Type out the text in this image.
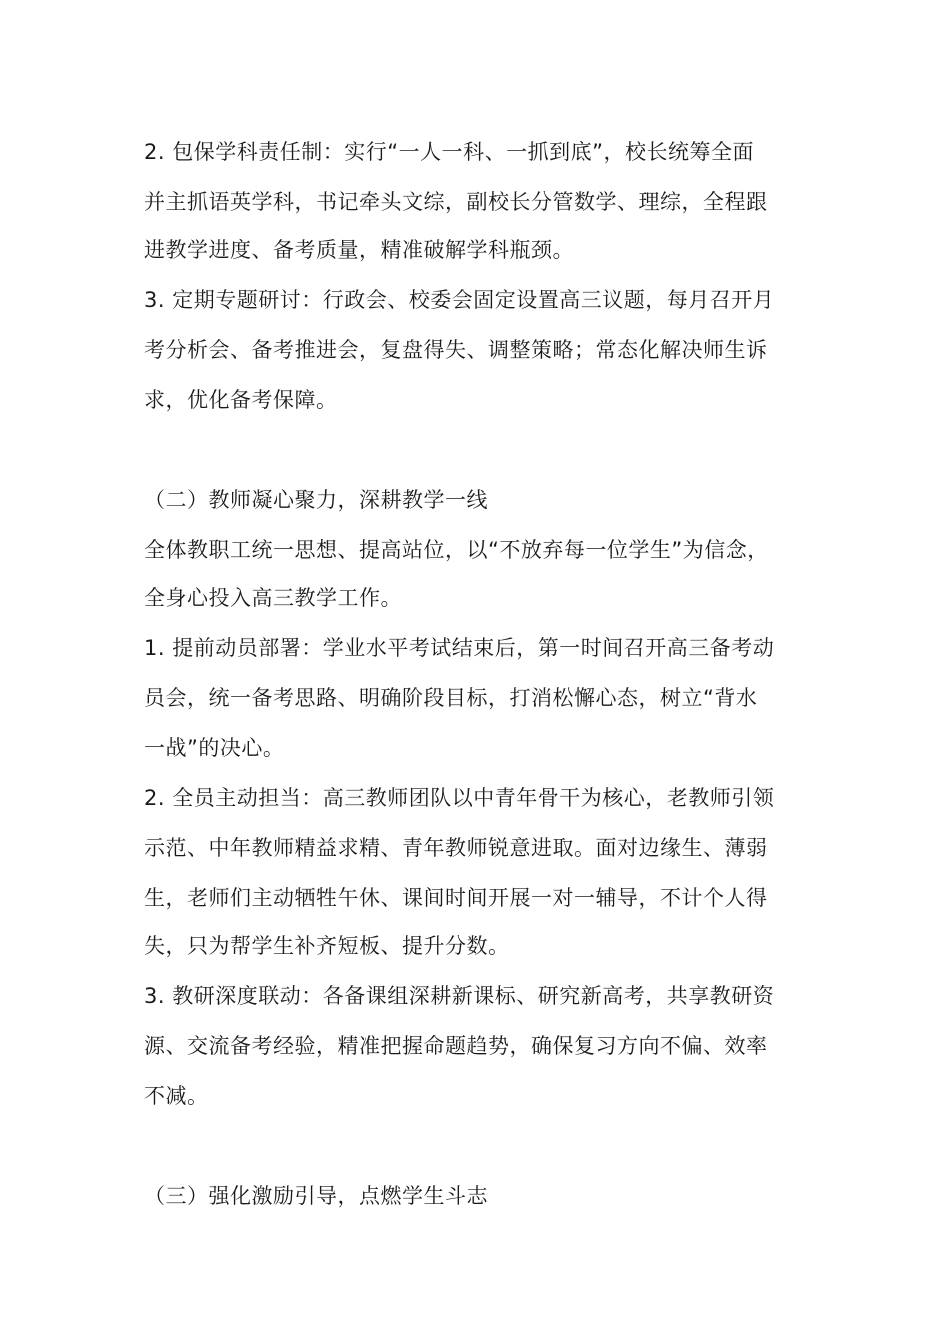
2. 包保学科责任制：实行“一人一科、一抓到底”，校长统筹全面
并主抓语英学科，书记牵头文综，副校长分管数学、理综，全程跟
进教学进度、备考质量，精准破解学科瓶颈。
3. 定期专题研讨：行政会、校委会固定设置高三议题，每月召开月
考分析会、备考推进会，复盘得失、调整策略；常态化解决师生诉
求，优化备考保障。
（二）教师凝心聚力，深耕教学一线
全体教职工统一思想、提高站位，以“不放弃每一位学生”为信念，
全身心投入高三教学工作。
1. 提前动员部署：学业水平考试结束后，第一时间召开高三备考动
员会，统一备考思路、明确阶段目标，打消松懈心态，树立“背水
一战”的决心。
2. 全员主动担当：高三教师团队以中青年骨干为核心，老教师引领
示范、中年教师精益求精、青年教师锐意进取。面对边缘生、薄弱
生，老师们主动牺牲午休、课间时间开展一对一辅导，不计个人得
失，只为帮学生补齐短板、提升分数。
3. 教研深度联动：各备课组深耕新课标、研究新高考，共享教研资
源、交流备考经验，精准把握命题趋势，确保复习方向不偏、效率
不减。
（三）强化激励引导，点燃学生斗志
